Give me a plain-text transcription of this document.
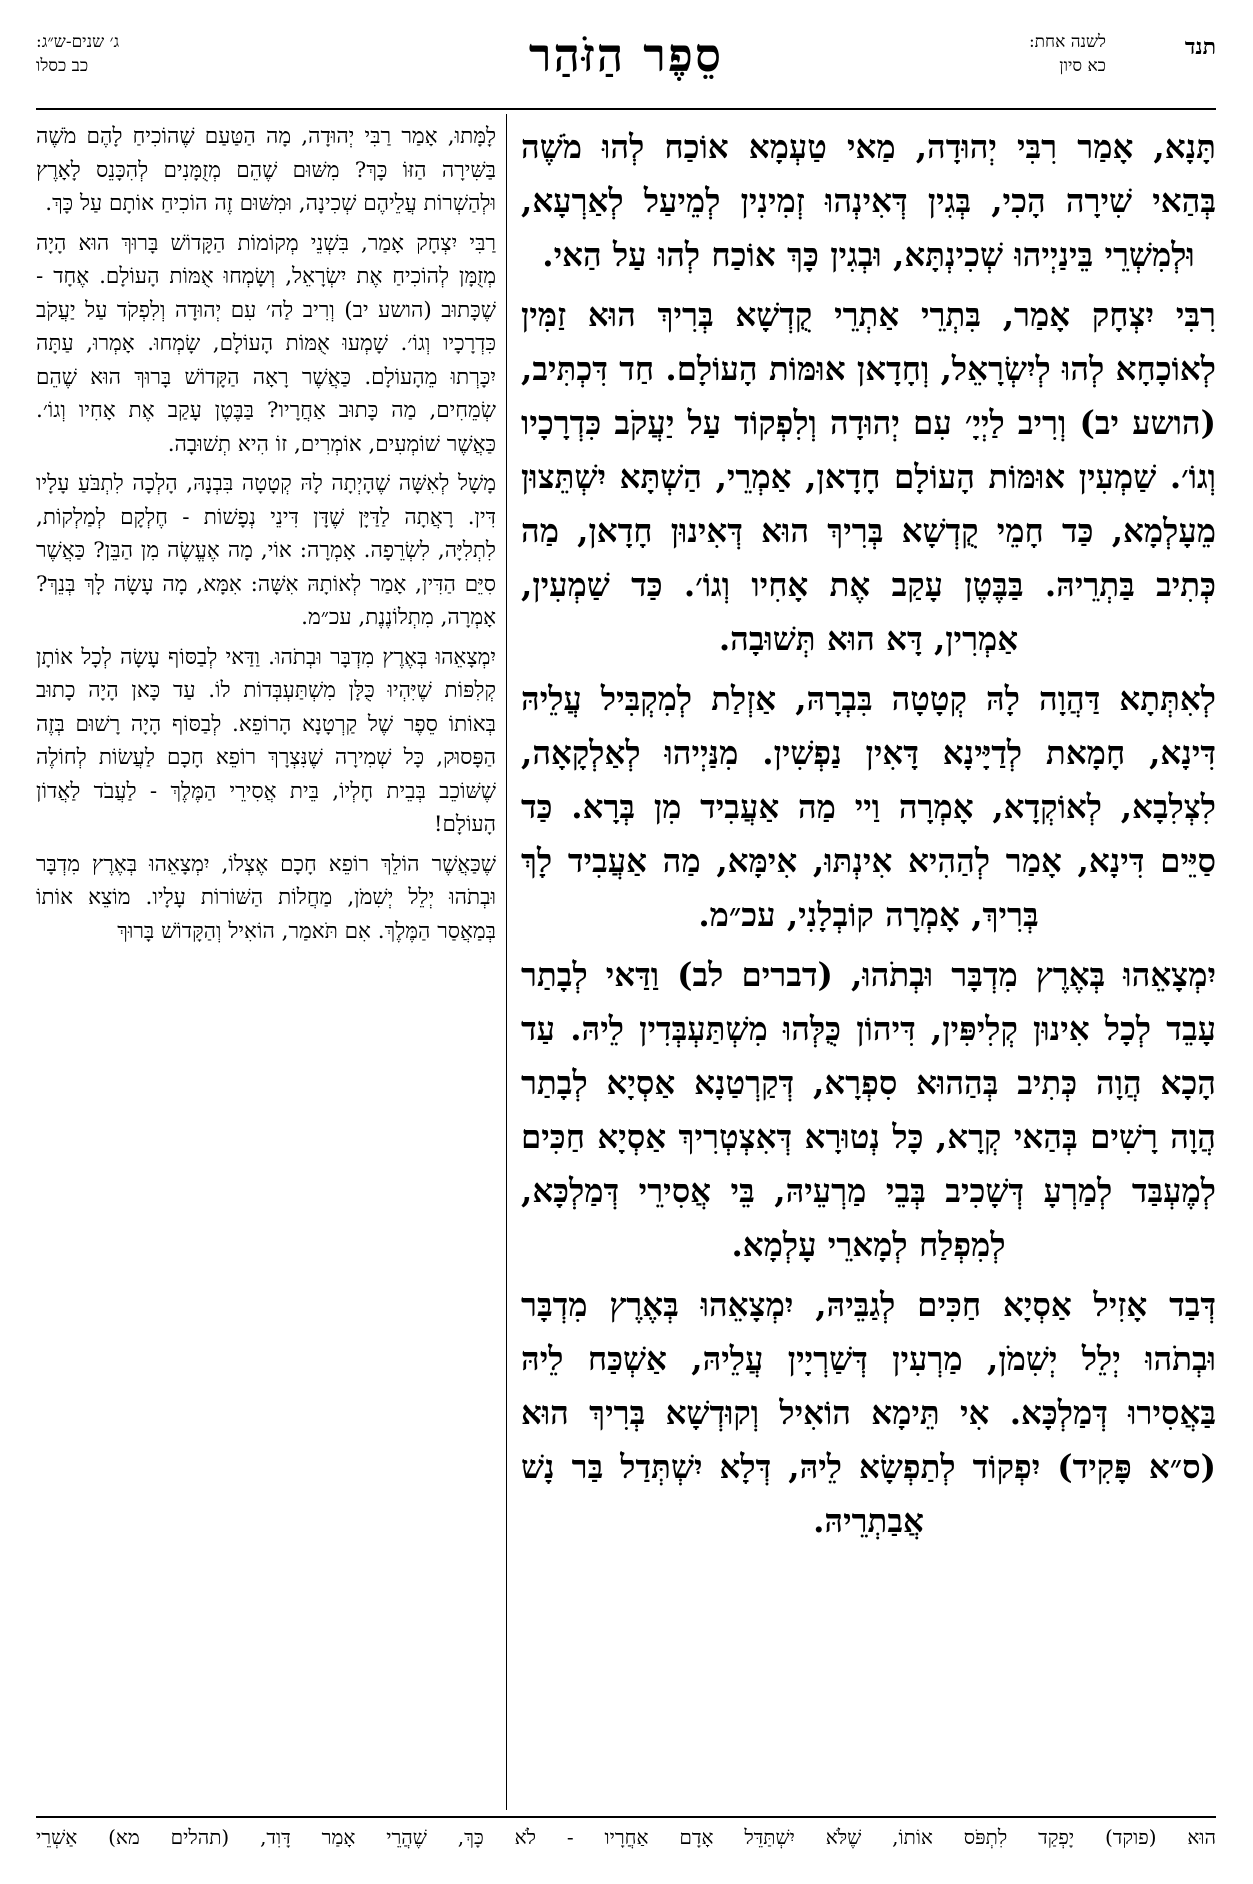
תנד
לשנה אחת:
כא סיון
סֵפֶר הַזֹּהַר
ג׳ שנים-ש״ג:
כב כסלו

תָּנָא, אָמַר רִבִּי יְהוּדָה, מַאי טַעְמָא אוֹכַח לְהוּ מֹשֶׁה בְּהַאי שִׁירָה הָכִי, בְּגִין דְּאִינְהוּ זְמִינִין לְמֵיעַל לְאַרְעָא, וּלְמִשְׁרֵי בֵּינַיְיהוּ שְׁכִינְתָּא, וּבְגִין כָּךְ אוֹכַח לְהוּ עַל הַאי.

רִבִּי יִצְחָק אָמַר, בִּתְרֵי אַתְרֵי קֻדְשָׁא בְּרִיךְ הוּא זַמִּין לְאוֹכָחָא לְהוּ לְיִשְׂרָאֵל, וְחָדָאן אוּמּוֹת הָעוֹלָם. חַד דִּכְתִּיב, (הושע יב) וְרִיב לַיְיָ׳ עִם יְהוּדָה וְלִפְקוֹד עַל יַעֲקֹב כִּדְרָכָיו וְגוֹ׳. שַׁמְעִין אוּמּוֹת הָעוֹלָם חָדָאן, אַמְרֵי, הַשְׁתָּא יִשְׁתֵּצוּן מֵעָלְמָא, כַּד חָמֵי קֻדְשָׁא בְּרִיךְ הוּא דְּאִינוּן חָדָאן, מַה כְּתִיב בַּתְרֵיהּ. בַּבֶּטֶן עָקַב אֶת אָחִיו וְגוֹ׳. כַּד שַׁמְעִין, אַמְרִין, דָּא הוּא תְּשׁוּבָה.

לְאִתְּתָא דַּהֲוָה לָהּ קְטָטָה בִּבְרָהּ, אַזְלַת לְמִקְבִּיל עֲלֵיהּ דִּינָא, חָמָאת לְדַיָּינָא דָּאִין נַפְשִׁין. מִנַּיְיהוּ לְאַלְקָאָה, לִצְלִבָא, לְאוֹקְדָא, אָמְרָה וַיי מַה אַעֲבִיד מִן בְּרָא. כַּד סַיֵּים דִּינָא, אָמַר לְהַהִיא אִינְתּוּ, אִימָּא, מַה אַעֲבִיד לָךְ בְּרִיךְ, אָמְרָה קוֹבְלָנִי, עכ״מ.

יִמְצָאֵהוּ בְּאֶרֶץ מִדְבָּר וּבְתֹהוּ, (דברים לב) וַדַּאי לְבָתַר עָבֵד לְכָל אִינוּן קְלִיפִּין, דִּיהוֹן כֻּלְּהוּ מִשְׁתַּעְבְּדִין לֵיהּ. עַד הָכָא הֲוָה כְּתִיב בְּהַהוּא סִפְרָא, דְּקַרְטַנָא אַסְיָא לְבָתַר הֲוָה רָשִׁים בְּהַאי קְרָא, כָּל נְטוּרָא דְּאִצְטְרִיךְ אַסְיָא חַכִּים לְמֶעְבַּד לְמַרְעָ דְּשָׁכִיב בְּבֵי מַרְעֵיהּ, בֵּי אֲסִירֵי דְּמַלְכָּא, לְמִפְלַח לְמָארֵי עָלְמָא.

דְּבַד אָזִיל אַסְיָא חַכִּים לְגַבֵּיהּ, יִמְצָאֵהוּ בְּאֶרֶץ מִדְבָּר וּבְתֹהוּ יְלֵל יְשִׁמֹן, מַרְעִין דְּשַׁרְיָין עֲלֵיהּ, אַשְׁכַּח לֵיהּ בַּאֲסִירוּ דְּמַלְכָּא. אִי תֵּימָא הוֹאִיל וְקוּדְשָׁא בְּרִיךְ הוּא (ס״א פָּקִיד) יִפְקוֹד לְתַפְשָׂא לֵיהּ, דְּלָא יִשְׁתְּדַל בַּר נָשׁ אֲבַתְרֵיהּ.

לָמָּתוּ, אָמַר רַבִּי יְהוּדָה, מָה הַטַּעַם שֶׁהוֹכִיחַ לָהֶם מֹשֶׁה בַּשִּׁירָה הַזּוֹ כָּךְ? מִשּׁוּם שֶׁהֵם מְזֻמָּנִים לְהִכָּנֵס לָאָרֶץ וּלְהַשְׁרוֹת עֲלֵיהֶם שְׁכִינָה, וּמִשּׁוּם זֶה הוֹכִיחַ אוֹתָם עַל כָּךְ.

רַבִּי יִצְחָק אָמַר, בִּשְׁנֵי מְקוֹמוֹת הַקָּדוֹשׁ בָּרוּךְ הוּא הָיָה מְזֻמָּן לְהוֹכִיחַ אֶת יִשְׂרָאֵל, וְשָׂמְחוּ אֻמּוֹת הָעוֹלָם. אֶחָד - שֶׁכָּתוּב (הושע יב) וְרִיב לַה׳ עִם יְהוּדָה וְלִפְקֹד עַל יַעֲקֹב כִּדְרָכָיו וְגוֹ׳. שָׁמְעוּ אֻמּוֹת הָעוֹלָם, שָׂמְחוּ. אָמְרוּ, עַתָּה יִכָּרְתוּ מֵהָעוֹלָם. כַּאֲשֶׁר רָאָה הַקָּדוֹשׁ בָּרוּךְ הוּא שֶׁהֵם שְׂמֵחִים, מַה כָּתוּב אַחֲרָיו? בַּבֶּטֶן עָקַב אֶת אָחִיו וְגוֹ׳. כַּאֲשֶׁר שׁוֹמְעִים, אוֹמְרִים, זוֹ הִיא תְשׁוּבָה.

מָשָׁל לְאִשָּׁה שֶׁהָיְתָה לָהּ קְטָטָה בִּבְנָהּ, הָלְכָה לִתְבֹּעַ עָלָיו דִּין. רָאֲתָה לַדַּיָּן שֶׁדָּן דִּינֵי נְפָשׁוֹת - חֶלְקָם לְמַלְקוֹת, לִתְלִיָּה, לִשְׂרֵפָה. אָמְרָה: אוֹי, מָה אֶעֱשֶׂה מִן הַבֵּן? כַּאֲשֶׁר סִיֵּם הַדִּין, אָמַר לְאוֹתָהּ אִשָּׁה: אִמָּא, מָה עָשָׂה לָךְ בְּנֵךְ? אָמְרָה, מִתְלוֹנֶנֶת, עכ״מ.

יִמְצָאֵהוּ בְּאֶרֶץ מִדְבָּר וּבְתֹהוּ. וַדַּאי לְבַסּוֹף עָשָׂה לְכָל אוֹתָן קְלִפּוֹת שֶׁיִּהְיוּ כֻּלָּן מִשְׁתַּעְבְּדוֹת לוֹ. עַד כָּאן הָיָה כָתוּב בְּאוֹתוֹ סֵפֶר שֶׁל קַרְטָנָא הָרוֹפֵא. לְבַסּוֹף הָיָה רָשׁוּם בְּזֶה הַפָּסוּק, כָּל שְׁמִירָה שֶׁנִּצְרָךְ רוֹפֵא חָכָם לַעֲשׂוֹת לְחוֹלֶה שֶׁשּׁוֹכֵב בְּבֵית חָלְיוֹ, בֵּית אֲסִירֵי הַמֶּלֶךְ - לַעֲבֹד לַאֲדוֹן הָעוֹלָם!

שֶׁכַּאֲשֶׁר הוֹלֵךְ רוֹפֵא חָכָם אֶצְלוֹ, יִמְצָאֵהוּ בְּאֶרֶץ מִדְבָּר וּבְתֹהוּ יְלֵל יְשִׁמֹן, מַחֲלוֹת הַשּׁוֹרוֹת עָלָיו. מוֹצֵא אוֹתוֹ בְּמַאֲסַר הַמֶּלֶךְ. אִם תֹּאמַר, הוֹאִיל וְהַקָּדוֹשׁ בָּרוּךְ

הוּא (פוקד) יָפְקַד לִתְפֹּס אוֹתוֹ, שֶׁלֹּא יִשְׁתַּדֵּל אָדָם אַחֲרָיו - לֹא כָּךְ, שֶׁהֲרֵי אָמַר דָּוִד, (תהלים מא) אַשְׁרֵי
